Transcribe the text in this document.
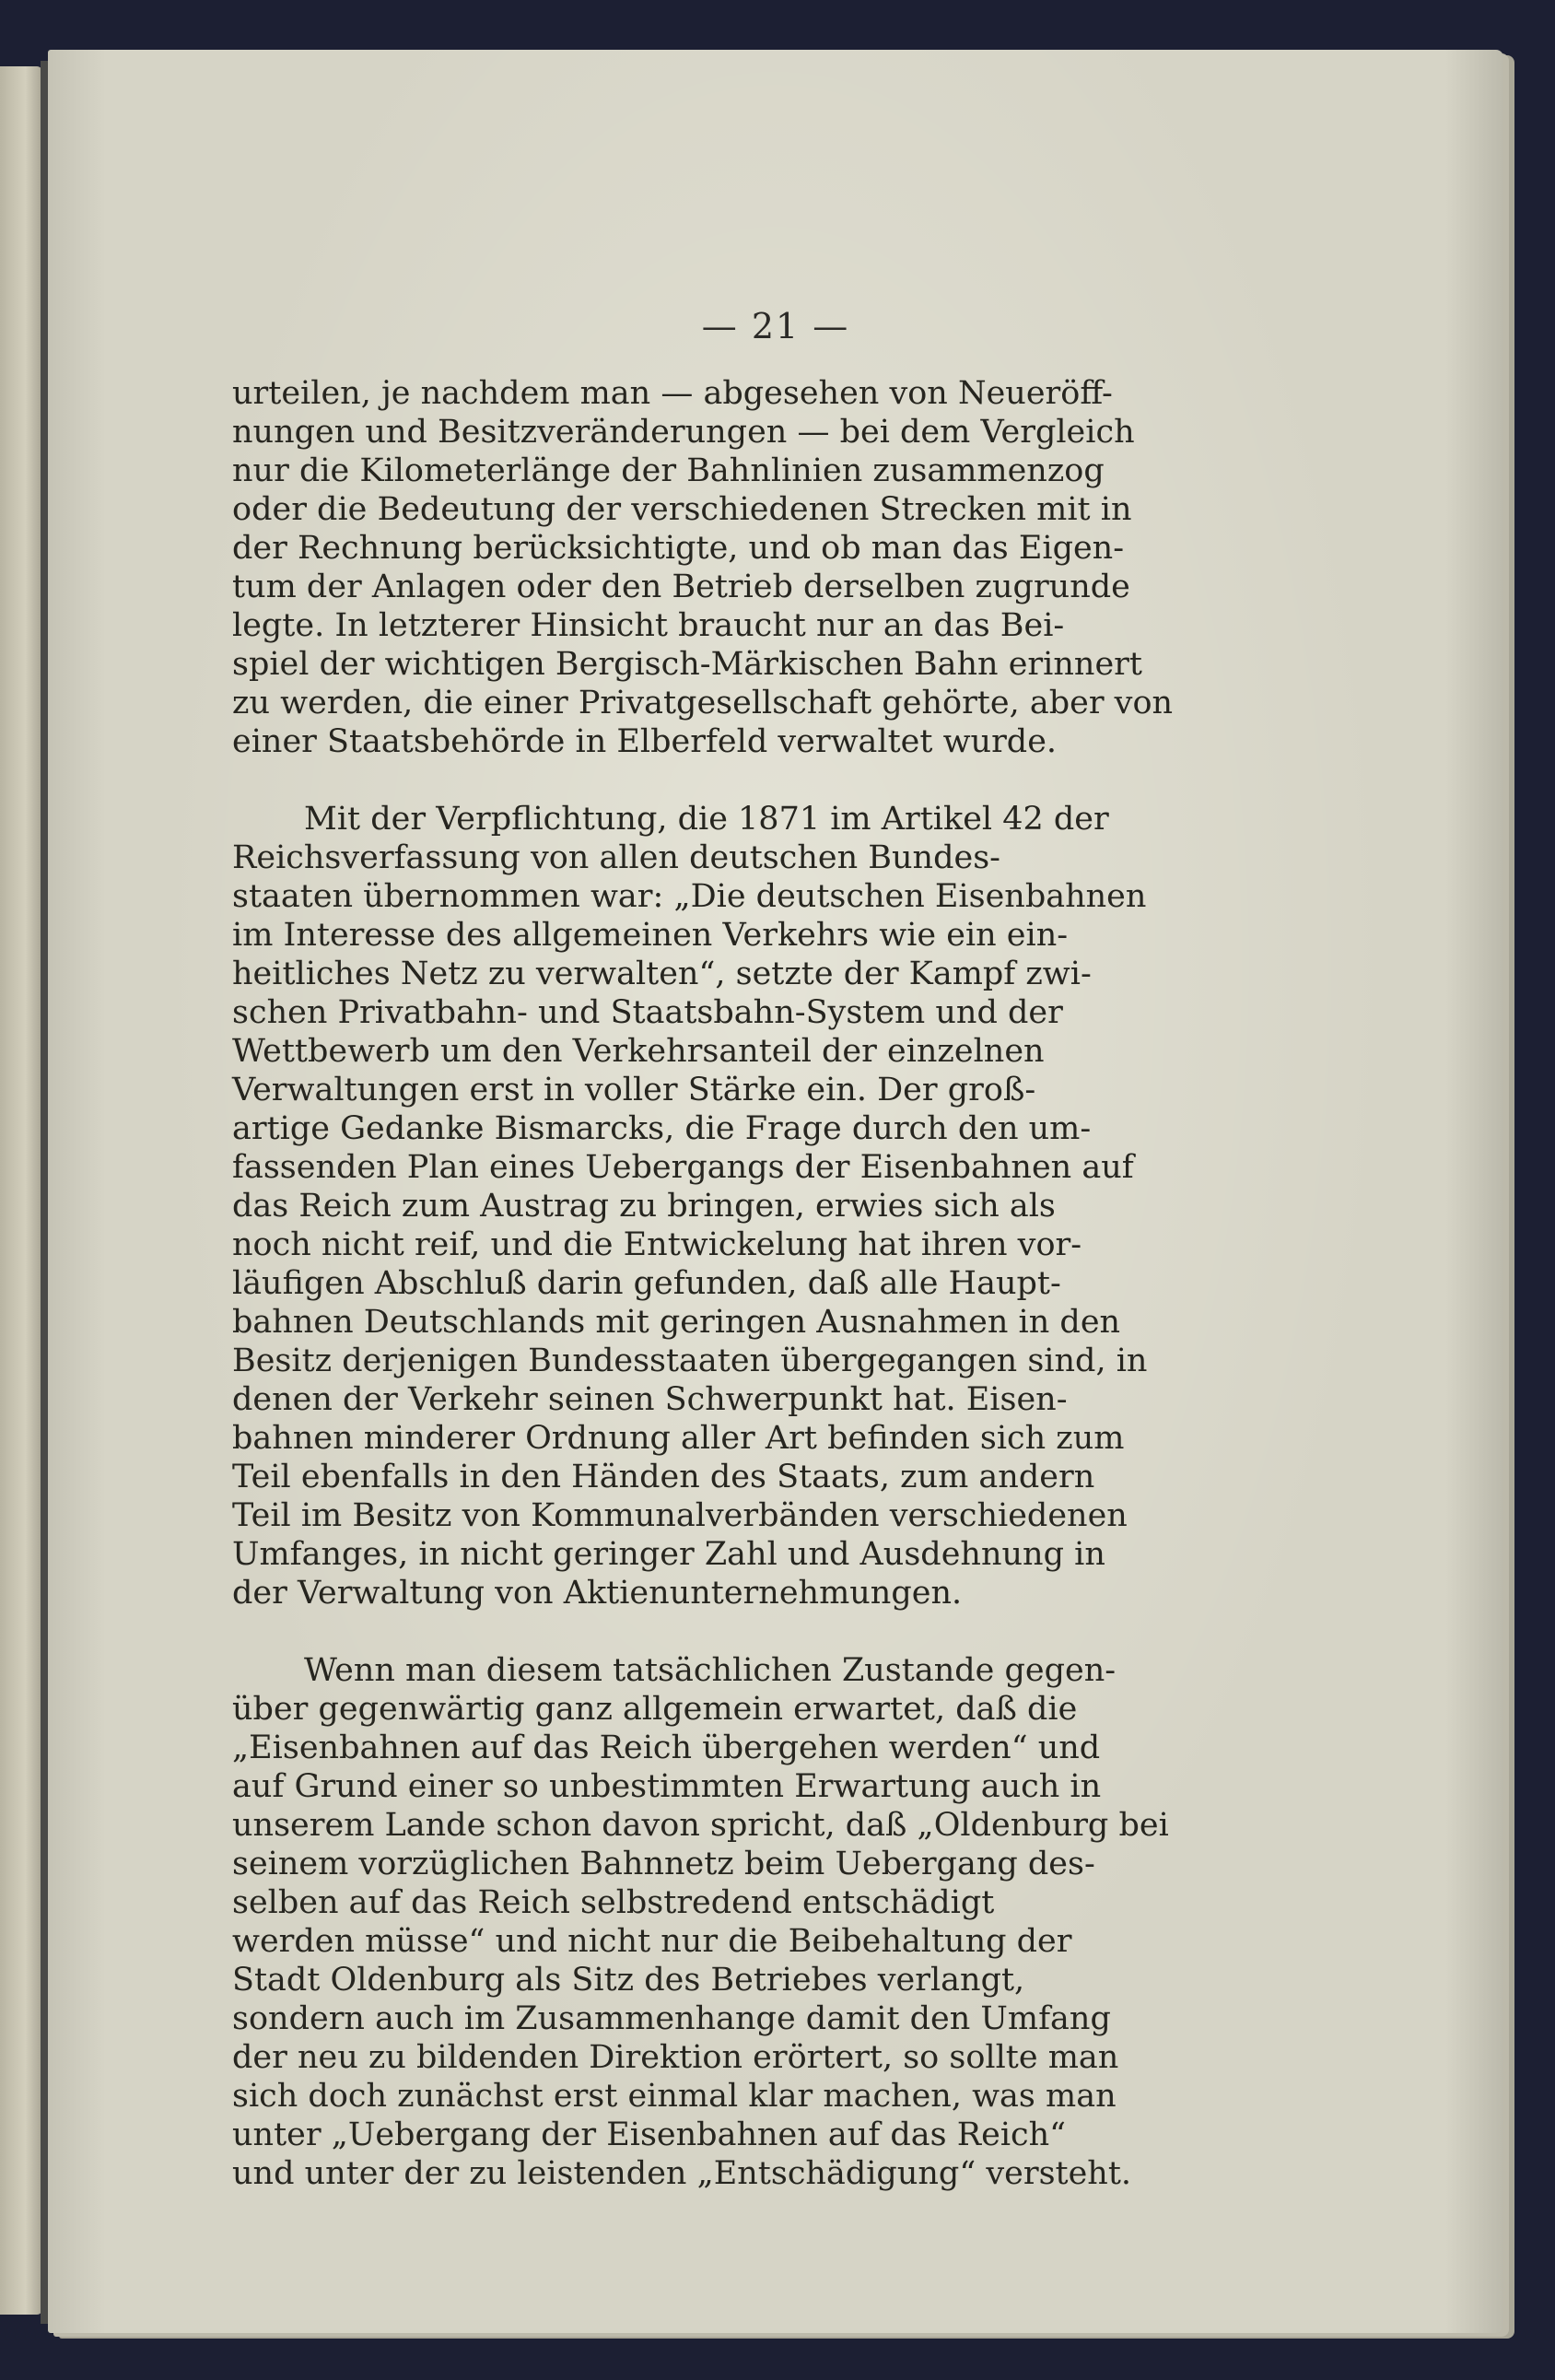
— 21 —

urteilen, je nachdem man — abgesehen von Neueröff-
nungen und Besitzveränderungen — bei dem Vergleich
nur die Kilometerlänge der Bahnlinien zusammenzog
oder die Bedeutung der verschiedenen Strecken mit in
der Rechnung berücksichtigte, und ob man das Eigen-
tum der Anlagen oder den Betrieb derselben zugrunde
legte. In letzterer Hinsicht braucht nur an das Bei-
spiel der wichtigen Bergisch-Märkischen Bahn erinnert
zu werden, die einer Privatgesellschaft gehörte, aber von
einer Staatsbehörde in Elberfeld verwaltet wurde.

Mit der Verpflichtung, die 1871 im Artikel 42 der
Reichsverfassung von allen deutschen Bundes-
staaten übernommen war: „Die deutschen Eisenbahnen
im Interesse des allgemeinen Verkehrs wie ein ein-
heitliches Netz zu verwalten“, setzte der Kampf zwi-
schen Privatbahn- und Staatsbahn-System und der
Wettbewerb um den Verkehrsanteil der einzelnen
Verwaltungen erst in voller Stärke ein. Der groß-
artige Gedanke Bismarcks, die Frage durch den um-
fassenden Plan eines Uebergangs der Eisenbahnen auf
das Reich zum Austrag zu bringen, erwies sich als
noch nicht reif, und die Entwickelung hat ihren vor-
läufigen Abschluß darin gefunden, daß alle Haupt-
bahnen Deutschlands mit geringen Ausnahmen in den
Besitz derjenigen Bundesstaaten übergegangen sind, in
denen der Verkehr seinen Schwerpunkt hat. Eisen-
bahnen minderer Ordnung aller Art befinden sich zum
Teil ebenfalls in den Händen des Staats, zum andern
Teil im Besitz von Kommunalverbänden verschiedenen
Umfanges, in nicht geringer Zahl und Ausdehnung in
der Verwaltung von Aktienunternehmungen.

Wenn man diesem tatsächlichen Zustande gegen-
über gegenwärtig ganz allgemein erwartet, daß die
„Eisenbahnen auf das Reich übergehen werden“ und
auf Grund einer so unbestimmten Erwartung auch in
unserem Lande schon davon spricht, daß „Oldenburg bei
seinem vorzüglichen Bahnnetz beim Uebergang des-
selben auf das Reich selbstredend entschädigt
werden müsse“ und nicht nur die Beibehaltung der
Stadt Oldenburg als Sitz des Betriebes verlangt,
sondern auch im Zusammenhange damit den Umfang
der neu zu bildenden Direktion erörtert, so sollte man
sich doch zunächst erst einmal klar machen, was man
unter „Uebergang der Eisenbahnen auf das Reich“
und unter der zu leistenden „Entschädigung“ versteht.
